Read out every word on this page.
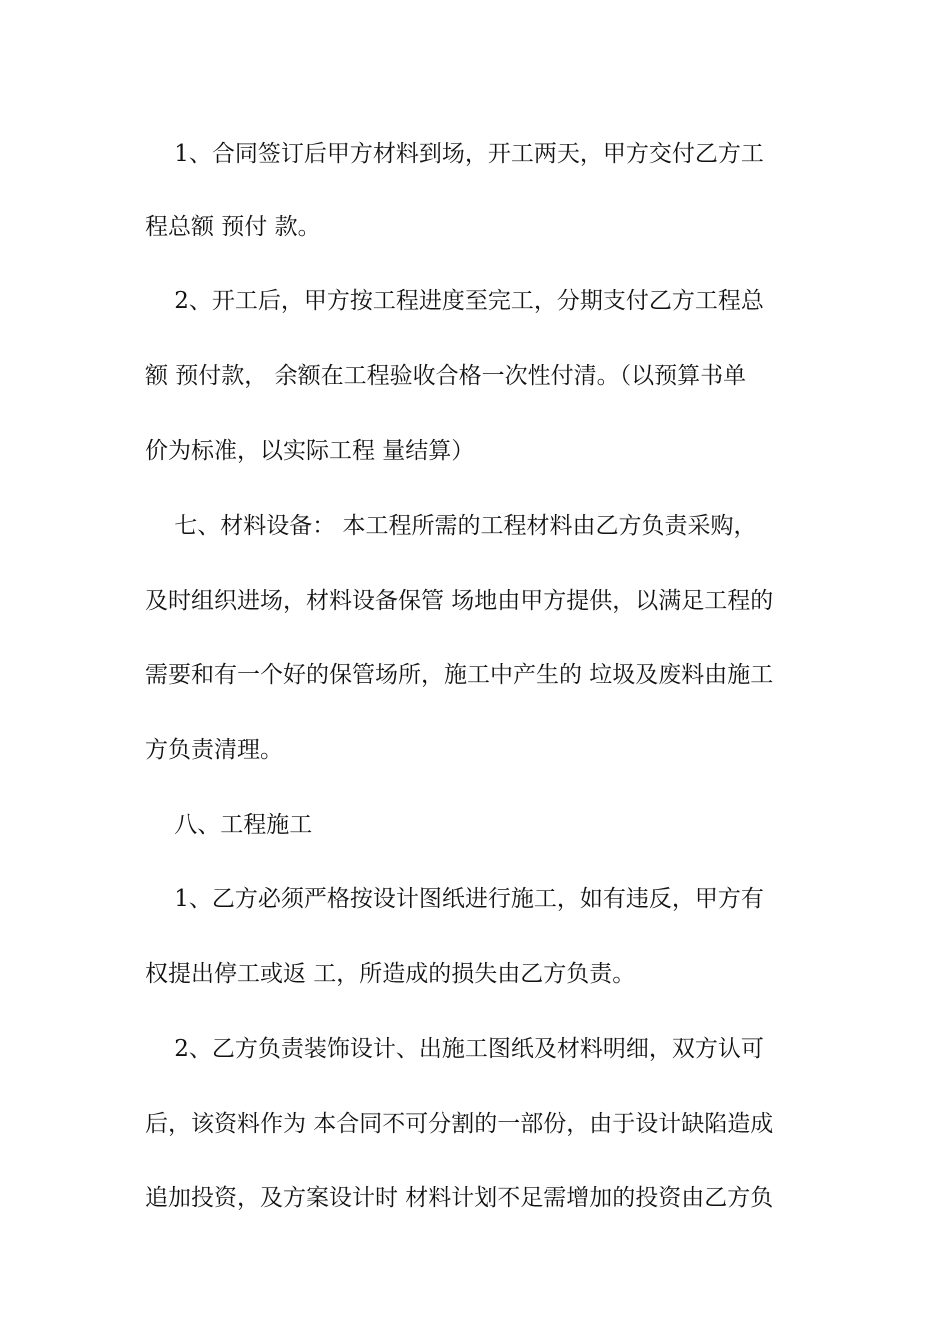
1、合同签订后甲方材料到场，开工两天，甲方交付乙方工
程总额 预付 款。
2、开工后，甲方按工程进度至完工，分期支付乙方工程总
额 预付款， 余额在工程验收合格一次性付清。（以预算书单
价为标准，以实际工程 量结算）
七、材料设备： 本工程所需的工程材料由乙方负责采购，
及时组织进场，材料设备保管 场地由甲方提供，以满足工程的
需要和有一个好的保管场所，施工中产生的 垃圾及废料由施工
方负责清理。
八、工程施工
1、乙方必须严格按设计图纸进行施工，如有违反，甲方有
权提出停工或返 工，所造成的损失由乙方负责。
2、乙方负责装饰设计、出施工图纸及材料明细，双方认可
后，该资料作为 本合同不可分割的一部份，由于设计缺陷造成
追加投资，及方案设计时 材料计划不足需增加的投资由乙方负
